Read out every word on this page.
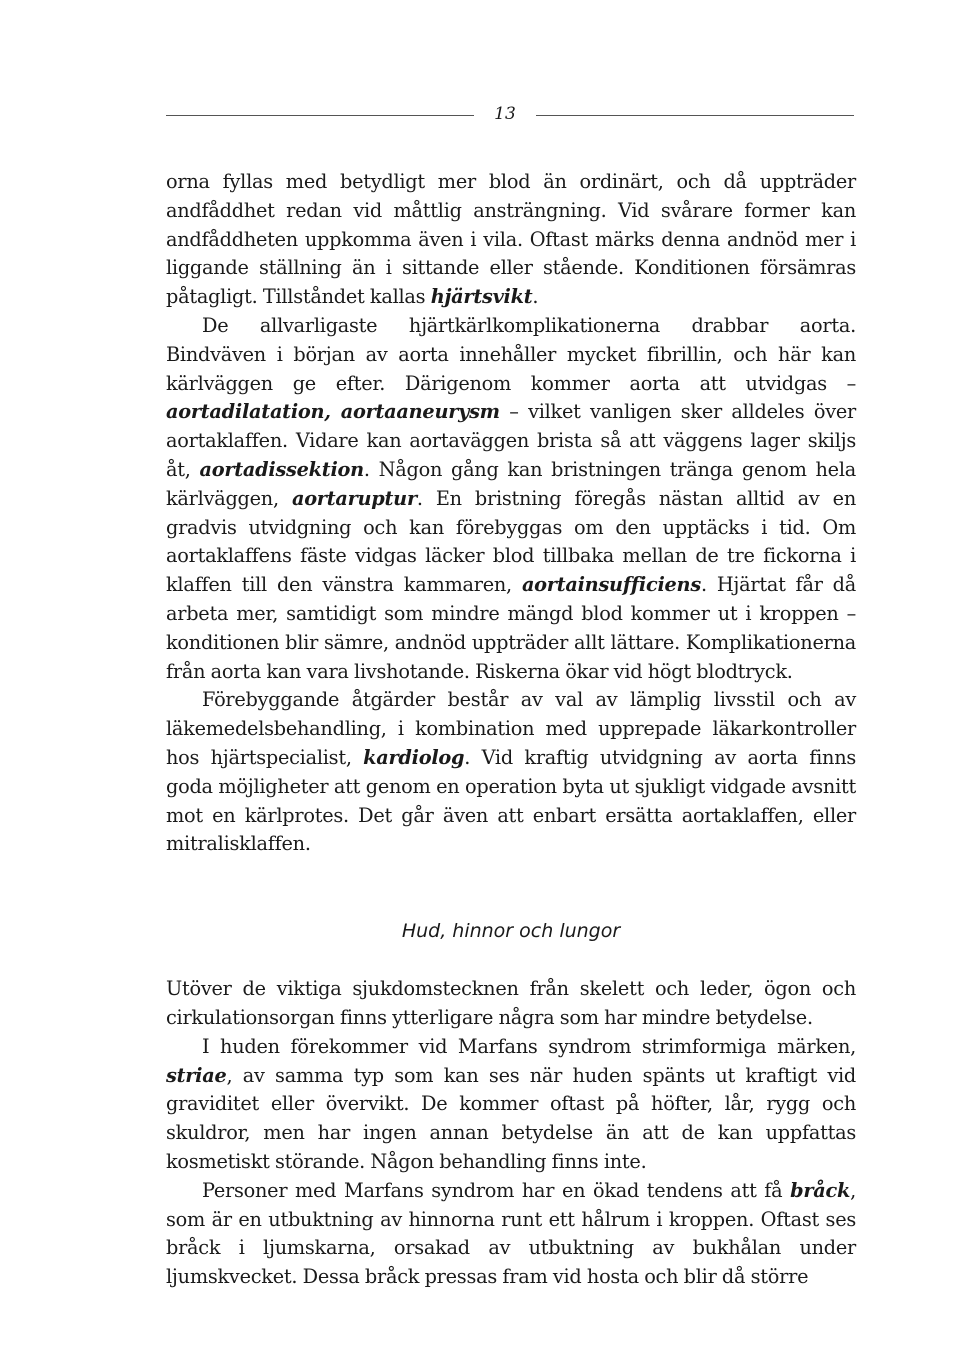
13

orna fyllas med betydligt mer blod än ordinärt, och då uppträder andfåddhet redan vid måttlig ansträngning. Vid svårare former kan andfåddheten uppkomma även i vila. Oftast märks denna andnöd mer i liggande ställning än i sittande eller stående. Konditionen försämras påtagligt. Tillståndet kallas hjärtsvikt.

De allvarligaste hjärtkärlkomplikationerna drabbar aorta. Bindväven i början av aorta innehåller mycket fibrillin, och här kan kärlväggen ge efter. Därigenom kommer aorta att utvidgas – aortadilatation, aortaaneurysm – vilket vanligen sker alldeles över aortaklaffen. Vidare kan aortaväggen brista så att väggens lager skiljs åt, aortadissektion. Någon gång kan bristningen tränga genom hela kärlväggen, aortaruptur. En bristning föregås nästan alltid av en gradvis utvidgning och kan förebyggas om den upptäcks i tid. Om aortaklaffens fäste vidgas läcker blod tillbaka mellan de tre fickorna i klaffen till den vänstra kammaren, aortainsufficiens. Hjärtat får då arbeta mer, samtidigt som mindre mängd blod kommer ut i kroppen – konditionen blir sämre, andnöd uppträder allt lättare. Komplikationerna från aorta kan vara livshotande. Riskerna ökar vid högt blodtryck.

Förebyggande åtgärder består av val av lämplig livsstil och av läkemedelsbehandling, i kombination med upprepade läkarkontroller hos hjärtspecialist, kardiolog. Vid kraftig utvidgning av aorta finns goda möjligheter att genom en operation byta ut sjukligt vidgade avsnitt mot en kärlprotes. Det går även att enbart ersätta aortaklaffen, eller mitralisklaffen.

Hud, hinnor och lungor

Utöver de viktiga sjukdomstecknen från skelett och leder, ögon och cirkulationsorgan finns ytterligare några som har mindre betydelse.

I huden förekommer vid Marfans syndrom strimformiga märken, striae, av samma typ som kan ses när huden spänts ut kraftigt vid graviditet eller övervikt. De kommer oftast på höfter, lår, rygg och skuldror, men har ingen annan betydelse än att de kan uppfattas kosmetiskt störande. Någon behandling finns inte.

Personer med Marfans syndrom har en ökad tendens att få bråck, som är en utbuktning av hinnorna runt ett hålrum i kroppen. Oftast ses bråck i ljumskarna, orsakad av utbuktning av bukhålan under ljumskvecket. Dessa bråck pressas fram vid hosta och blir då större
